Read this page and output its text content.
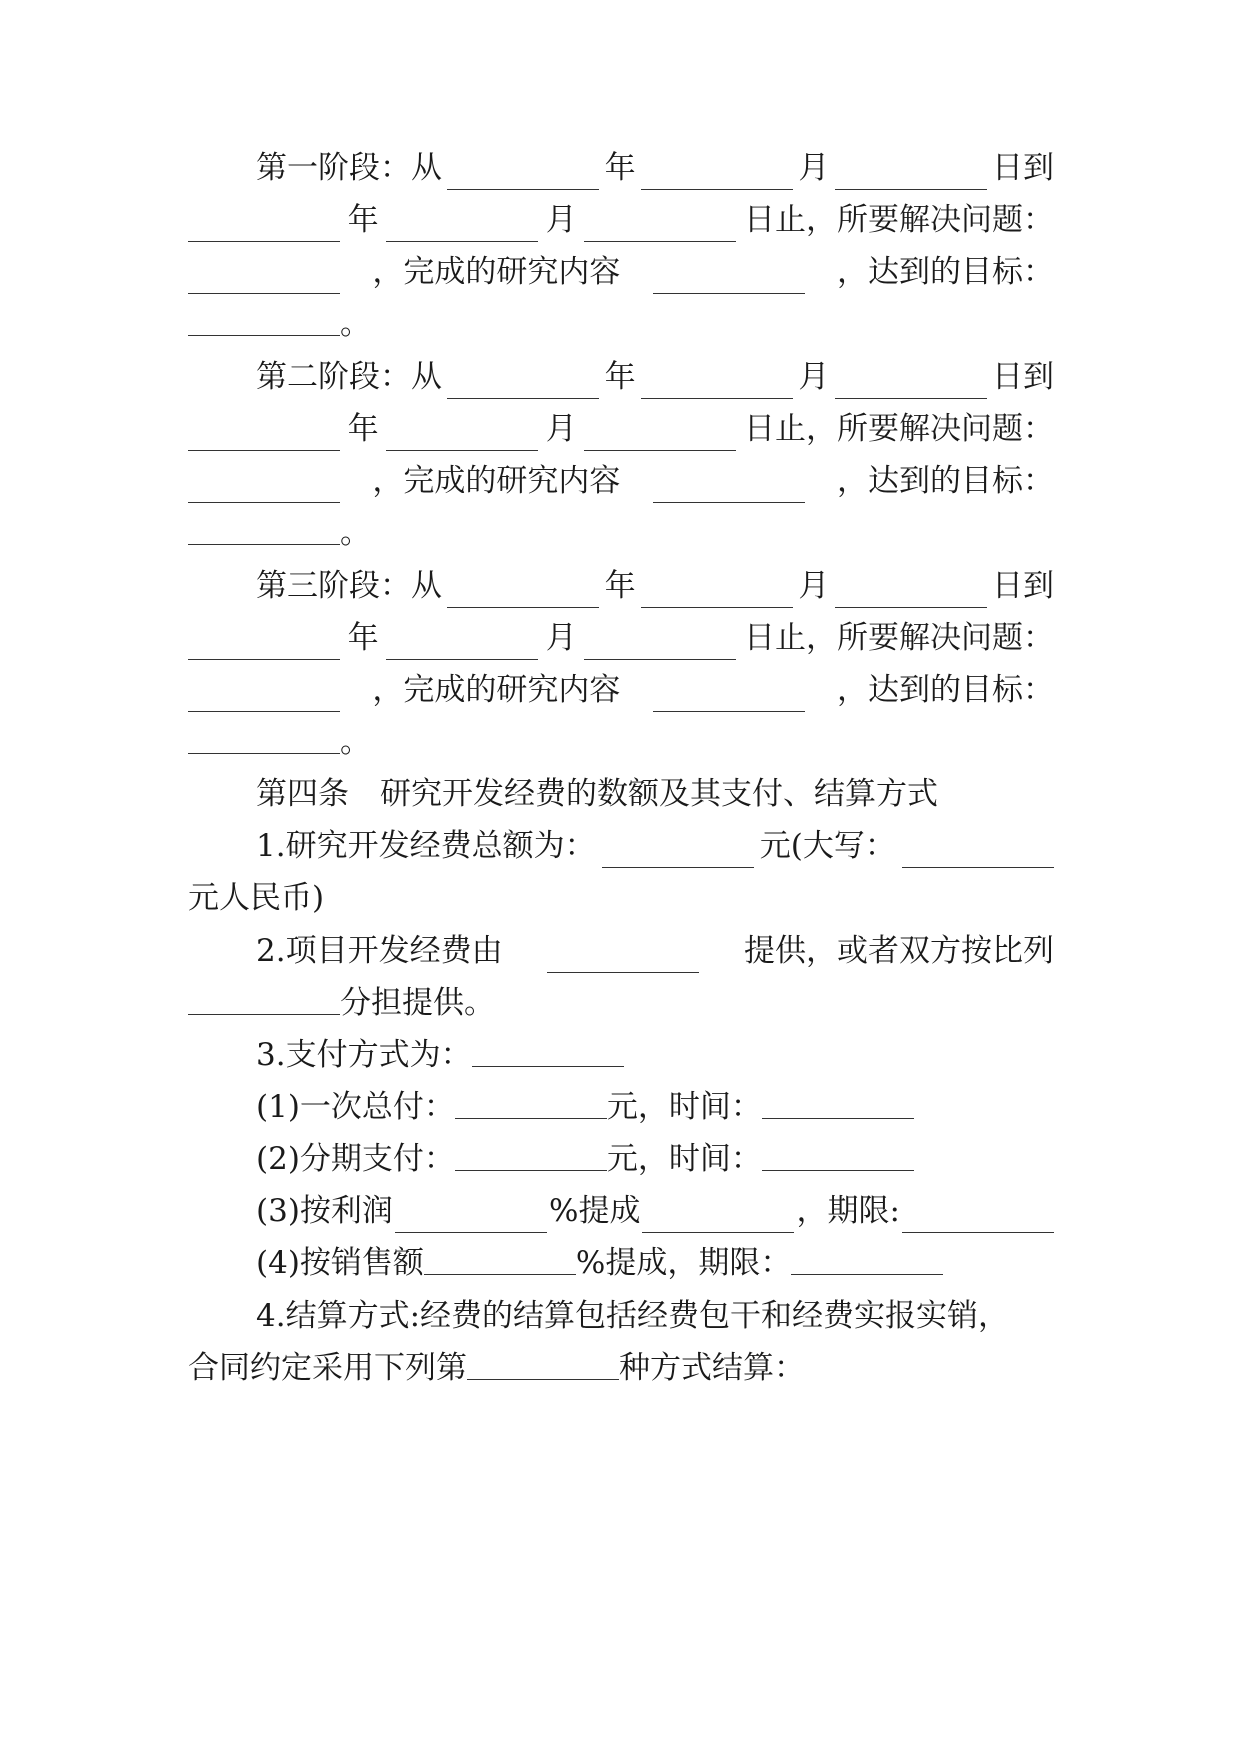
第一阶段：从	年	月	日到
年	月	日止，所要解决问题：
，完成的研究内容	，达到的目标：
。
第二阶段：从	年	月	日到
年	月	日止，所要解决问题：
，完成的研究内容	，达到的目标：
。
第三阶段：从	年	月	日到
年	月	日止，所要解决问题：
，完成的研究内容	，达到的目标：
。
第四条　研究开发经费的数额及其支付、结算方式
1.研究开发经费总额为：	元(大写：
元人民币)
2.项目开发经费由	提供，或者双方按比列
分担提供。
3.支付方式为：
(1)一次总付：	元，时间：
(2)分期支付：	元，时间：
(3)按利润	%提成	，期限:
(4)按销售额	%提成，期限：
4.结算方式:经费的结算包括经费包干和经费实报实销，
合同约定采用下列第	种方式结算：
